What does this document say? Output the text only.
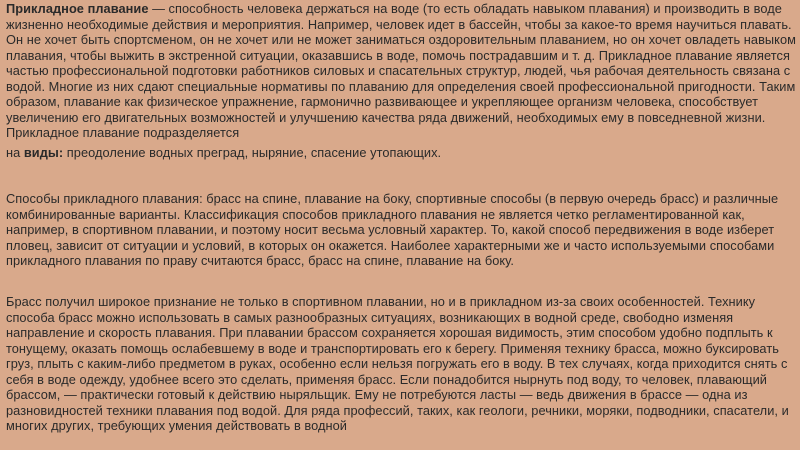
Прикладное плавание — способность человека держаться на воде (то есть обладать навыком плавания) и производить в воде жизненно необходимые действия и мероприятия. Например, человек идет в бассейн, чтобы за какое-то время научиться плавать. Он не хочет быть спортсменом, он не хочет или не может заниматься оздоровительным плаванием, но он хочет овладеть навыком плавания, чтобы выжить в экстренной ситуации, оказавшись в воде, помочь пострадавшим и т. д. Прикладное плавание является частью профессиональной подготовки работников силовых и спасательных структур, людей, чья рабочая деятельность связана с водой. Многие из них сдают специальные нормативы по плаванию для определения своей профессиональной пригодности. Таким образом, плавание как физическое упражнение, гармонично развивающее и укрепляющее организм человека, способствует увеличению его двигательных возможностей и улучшению качества ряда движений, необходимых ему в повседневной жизни. Прикладное плавание подразделяется

на виды: преодоление водных преград, ныряние, спасение утопающих.

Способы прикладного плавания: брасс на спине, плавание на боку, спортивные способы (в первую очередь брасс) и различные комбинированные варианты. Классификация способов прикладного плавания не является четко регламентированной как, например, в спортивном плавании, и поэтому носит весьма условный характер. То, какой способ передвижения в воде изберет пловец, зависит от ситуации и условий, в которых он окажется. Наиболее характерными же и часто используемыми способами прикладного плавания по праву считаются брасс, брасс на спине, плавание на боку.

Брасс получил широкое признание не только в спортивном плавании, но и в прикладном из-за своих особенностей. Технику способа брасс можно использовать в самых разнообразных ситуациях, возникающих в водной среде, свободно изменяя направление и скорость плавания. При плавании брассом сохраняется хорошая видимость, этим способом удобно подплыть к тонущему, оказать помощь ослабевшему в воде и транспортировать его к берегу. Применяя технику брасса, можно буксировать груз, плыть с каким-либо предметом в руках, особенно если нельзя погружать его в воду. В тех случаях, когда приходится снять с себя в воде одежду, удобнее всего это сделать, применяя брасс. Если понадобится нырнуть под воду, то человек, плавающий брассом, — практически готовый к действию ныряльщик. Ему не потребуются ласты — ведь движения в брассе — одна из разновидностей техники плавания под водой. Для ряда профессий, таких, как геологи, речники, моряки, подводники, спасатели, и многих других, требующих умения действовать в водной
